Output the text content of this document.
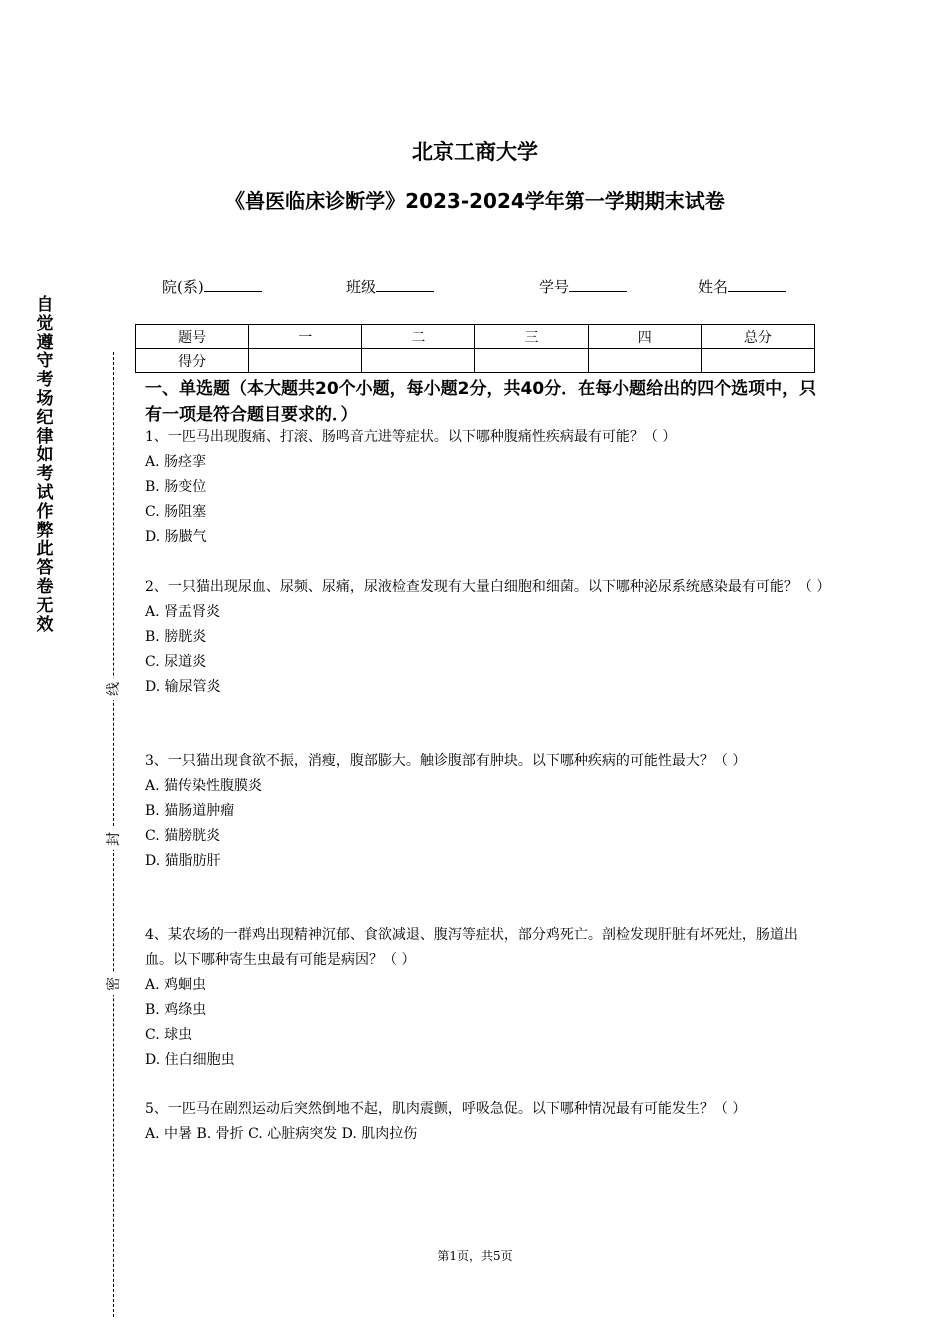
北京工商大学
《兽医临床诊断学》2023-2024学年第一学期期末试卷
院(系)	班级	学号	姓名
题号	一	二	三	四	总分
得分					
自
觉
遵
守
考
场
纪
律
如
考
试
作
弊
此
答
卷
无
效
线
封
密
一、单选题（本大题共20个小题，每小题2分，共40分．在每小题给出的四个选项中，只有一项是符合题目要求的．）
1、一匹马出现腹痛、打滚、肠鸣音亢进等症状。以下哪种腹痛性疾病最有可能？（ ）
A. 肠痉挛
B. 肠变位
C. 肠阻塞
D. 肠臌气
2、一只猫出现尿血、尿频、尿痛，尿液检查发现有大量白细胞和细菌。以下哪种泌尿系统感染最有可能？（ ）
A. 肾盂肾炎
B. 膀胱炎
C. 尿道炎
D. 输尿管炎
3、一只猫出现食欲不振，消瘦，腹部膨大。触诊腹部有肿块。以下哪种疾病的可能性最大？（ ）
A. 猫传染性腹膜炎
B. 猫肠道肿瘤
C. 猫膀胱炎
D. 猫脂肪肝
4、某农场的一群鸡出现精神沉郁、食欲减退、腹泻等症状，部分鸡死亡。剖检发现肝脏有坏死灶，肠道出血。以下哪种寄生虫最有可能是病因？（ ）
A. 鸡蛔虫
B. 鸡绦虫
C. 球虫
D. 住白细胞虫
5、一匹马在剧烈运动后突然倒地不起，肌肉震颤，呼吸急促。以下哪种情况最有可能发生？（ ）
A. 中暑 B. 骨折 C. 心脏病突发 D. 肌肉拉伤
第1页，共5页
